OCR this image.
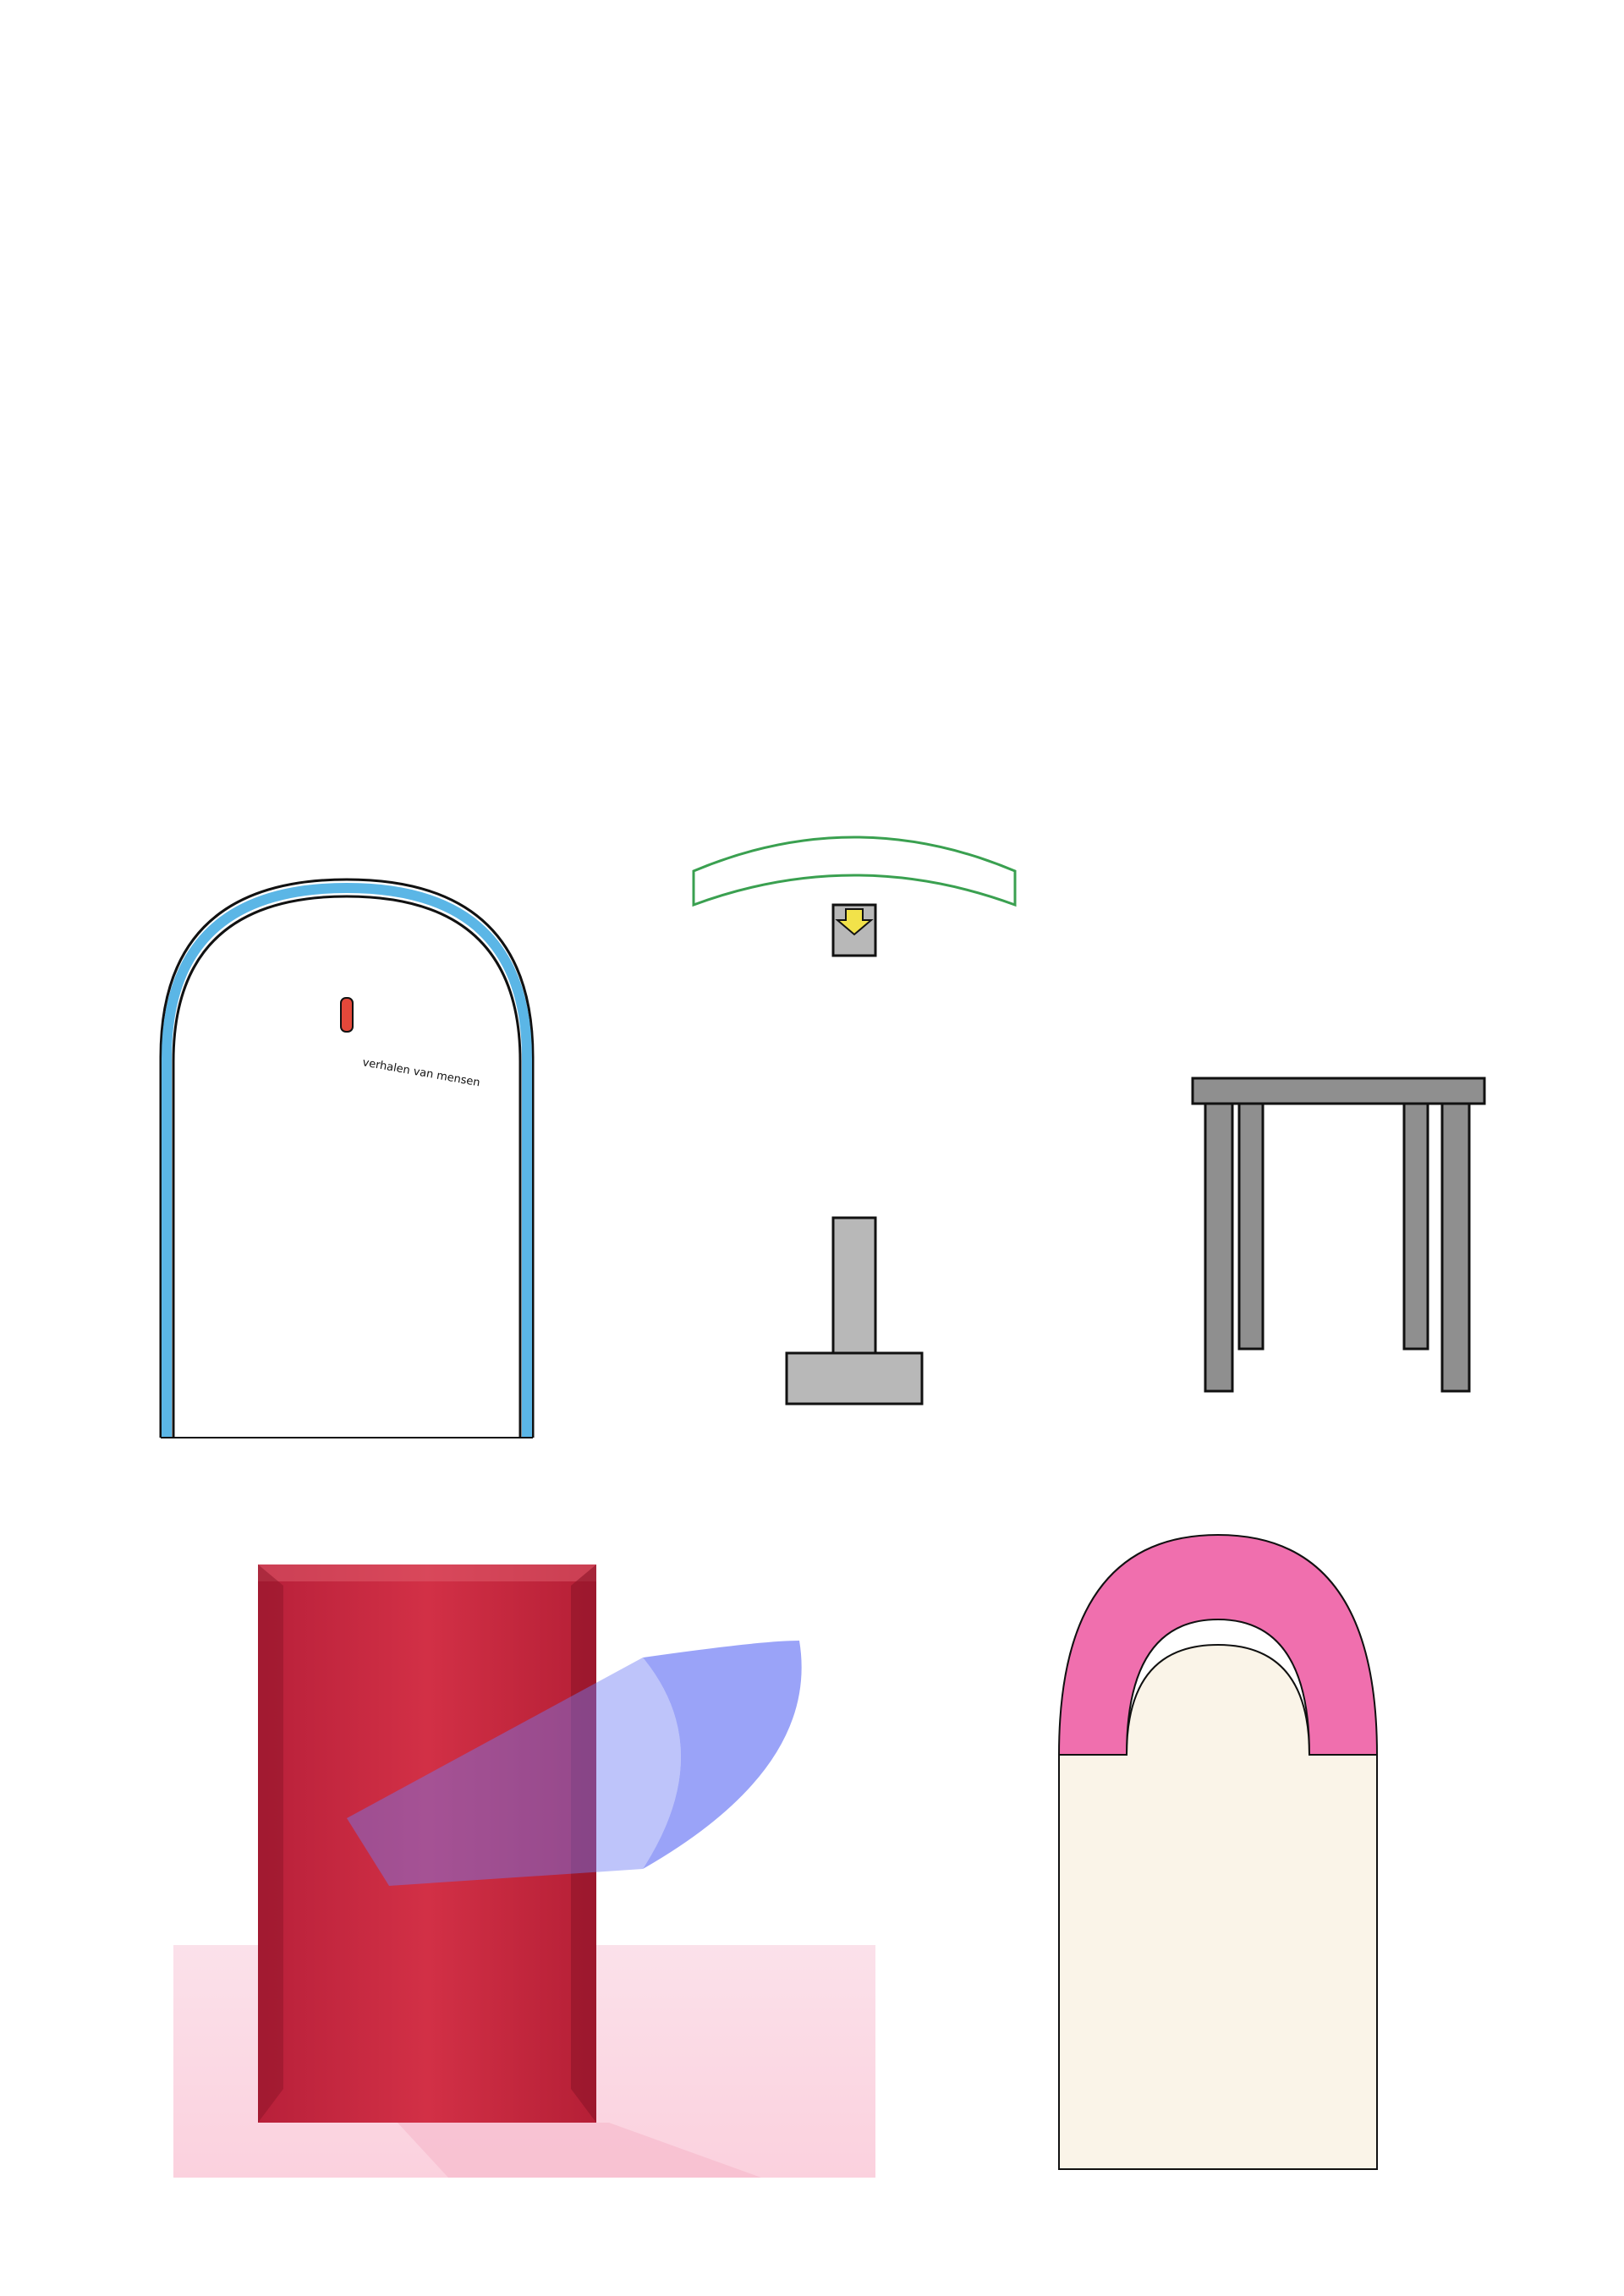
verhalen van mensen
